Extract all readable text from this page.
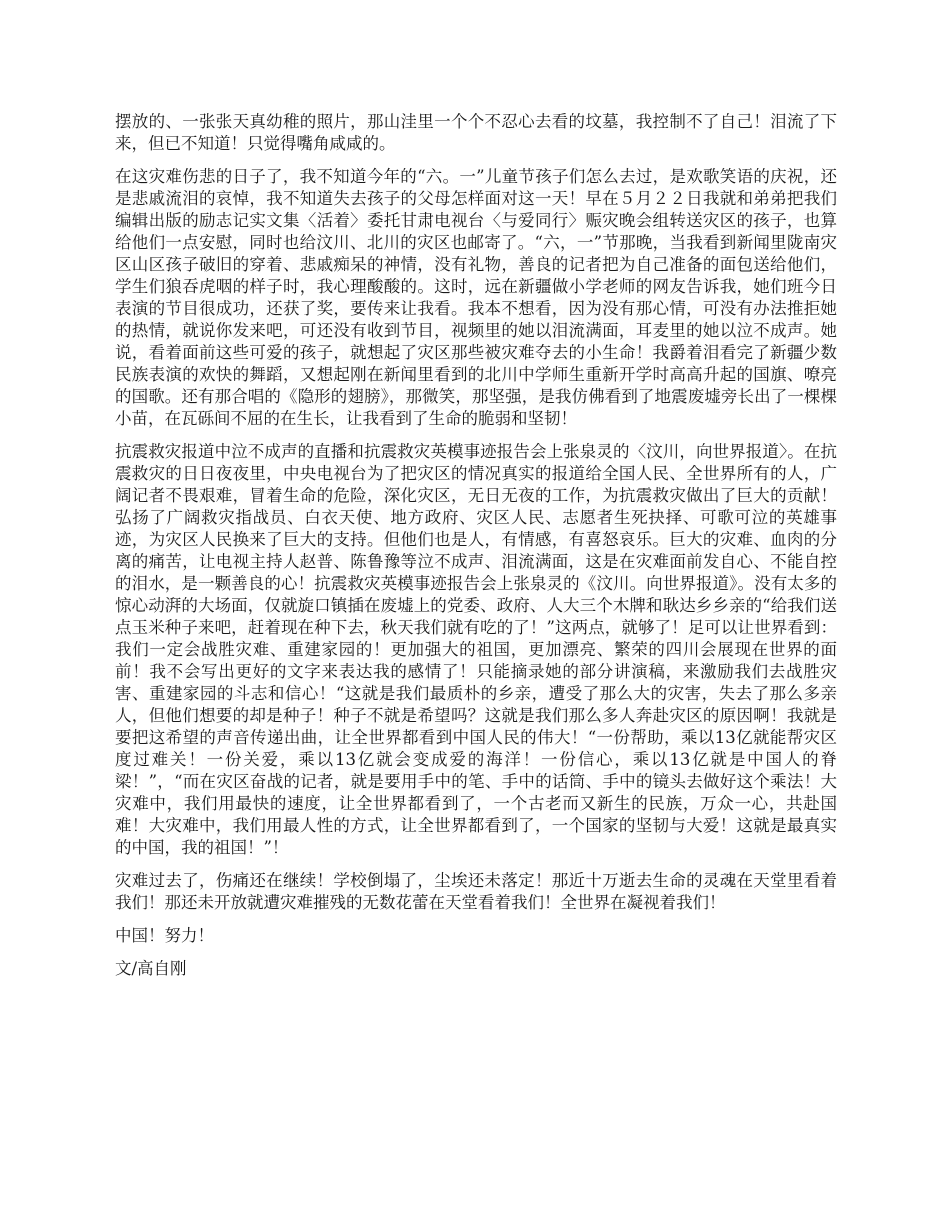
摆放的、一张张天真幼稚的照片，那山洼里一个个不忍心去看的坟墓，我控制不了自己！泪流了下来，但已不知道！只觉得嘴角咸咸的。

在这灾难伤悲的日子了，我不知道今年的“六。一”儿童节孩子们怎么去过，是欢歌笑语的庆祝，还是悲戚流泪的哀悼，我不知道失去孩子的父母怎样面对这一天！早在５月２２日我就和弟弟把我们编辑出版的励志记实文集〈活着〉委托甘肃电视台〈与爱同行〉赈灾晚会组转送灾区的孩子，也算给他们一点安慰，同时也给汶川、北川的灾区也邮寄了。“六，一”节那晚，当我看到新闻里陇南灾区山区孩子破旧的穿着、悲戚痴呆的神情，没有礼物，善良的记者把为自己准备的面包送给他们，学生们狼吞虎咽的样子时，我心理酸酸的。这时，远在新疆做小学老师的网友告诉我，她们班今日表演的节目很成功，还获了奖，要传来让我看。我本不想看，因为没有那心情，可没有办法推拒她的热情，就说你发来吧，可还没有收到节目，视频里的她以泪流满面，耳麦里的她以泣不成声。她说，看着面前这些可爱的孩子，就想起了灾区那些被灾难夺去的小生命！我爵着泪看完了新疆少数民族表演的欢快的舞蹈，又想起刚在新闻里看到的北川中学师生重新开学时高高升起的国旗、嘹亮的国歌。还有那合唱的《隐形的翅膀》，那微笑，那坚强，是我仿佛看到了地震废墟旁长出了一棵棵小苗，在瓦砾间不屈的在生长，让我看到了生命的脆弱和坚韧！

抗震救灾报道中泣不成声的直播和抗震救灾英模事迹报告会上张泉灵的〈汶川，向世界报道〉。在抗震救灾的日日夜夜里，中央电视台为了把灾区的情况真实的报道给全国人民、全世界所有的人，广阔记者不畏艰难，冒着生命的危险，深化灾区，无日无夜的工作，为抗震救灾做出了巨大的贡献！弘扬了广阔救灾指战员、白衣天使、地方政府、灾区人民、志愿者生死抉择、可歌可泣的英雄事迹，为灾区人民换来了巨大的支持。但他们也是人，有情感，有喜怒哀乐。巨大的灾难、血肉的分离的痛苦，让电视主持人赵普、陈鲁豫等泣不成声、泪流满面，这是在灾难面前发自心、不能自控的泪水，是一颗善良的心！抗震救灾英模事迹报告会上张泉灵的《汶川。向世界报道》。没有太多的惊心动湃的大场面，仅就旋口镇插在废墟上的党委、政府、人大三个木牌和耿达乡乡亲的“给我们送点玉米种子来吧，赶着现在种下去，秋天我们就有吃的了！”这两点，就够了！足可以让世界看到：我们一定会战胜灾难、重建家园的！更加强大的祖国，更加漂亮、繁荣的四川会展现在世界的面前！我不会写出更好的文字来表达我的感情了！只能摘录她的部分讲演稿，来激励我们去战胜灾害、重建家园的斗志和信心！“这就是我们最质朴的乡亲，遭受了那么大的灾害，失去了那么多亲人，但他们想要的却是种子！种子不就是希望吗？这就是我们那么多人奔赴灾区的原因啊！我就是要把这希望的声音传递出曲，让全世界都看到中国人民的伟大！“一份帮助，乘以13亿就能帮灾区度过难关！一份关爱，乘以13亿就会变成爱的海洋！一份信心，乘以13亿就是中国人的脊梁！”，“而在灾区奋战的记者，就是要用手中的笔、手中的话筒、手中的镜头去做好这个乘法！大灾难中，我们用最快的速度，让全世界都看到了，一个古老而又新生的民族，万众一心，共赴国难！大灾难中，我们用最人性的方式，让全世界都看到了，一个国家的坚韧与大爱！这就是最真实的中国，我的祖国！”！

灾难过去了，伤痛还在继续！学校倒塌了，尘埃还未落定！那近十万逝去生命的灵魂在天堂里看着我们！那还未开放就遭灾难摧残的无数花蕾在天堂看着我们！全世界在凝视着我们！

中国！努力！

文/高自刚
